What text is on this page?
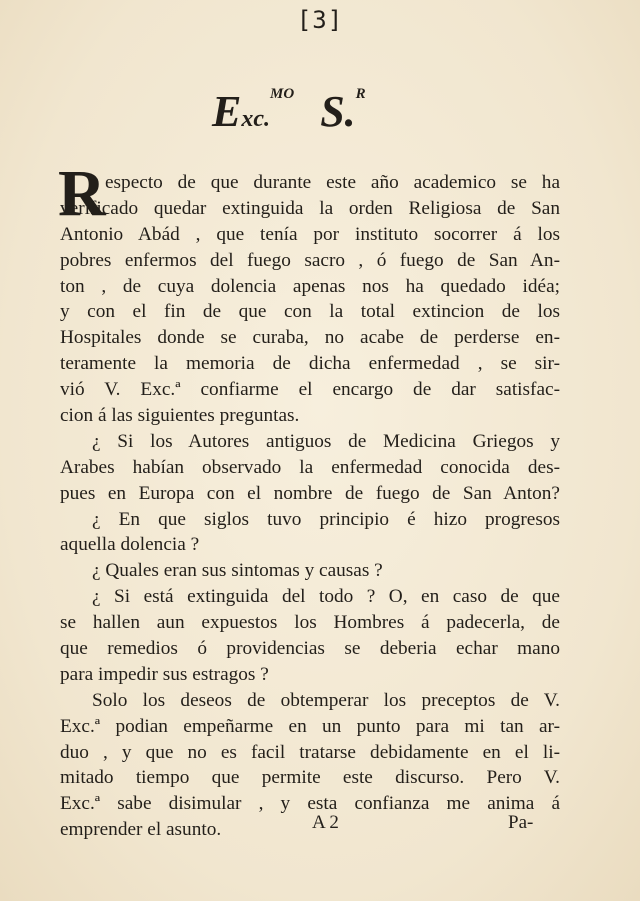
[3]
Exc.$^{MO}$ S.$^R$
R especto de que durante este año academico se ha
verificado quedar extinguida la orden Religiosa de San
Antonio Abád , que tenía por instituto socorrer á los
pobres enfermos del fuego sacro , ó fuego de San An-
ton , de cuya dolencia apenas nos ha quedado idéa;
y con el fin de que con la total extincion de los
Hospitales donde se curaba, no acabe de perderse en-
teramente la memoria de dicha enfermedad , se sir-
vió V. Exc.ª confiarme el encargo de dar satisfac-
cion á las siguientes preguntas.
¿ Si los Autores antiguos de Medicina Griegos y
Arabes habían observado la enfermedad conocida des-
pues en Europa con el nombre de fuego de San Anton?
¿ En que siglos tuvo principio é hizo progresos
aquella dolencia ?
¿ Quales eran sus sintomas y causas ?
¿ Si está extinguida del todo ? O, en caso de que
se hallen aun expuestos los Hombres á padecerla, de
que remedios ó providencias se deberia echar mano
para impedir sus estragos ?
Solo los deseos de obtemperar los preceptos de V.
Exc.ª podian empeñarme en un punto para mi tan ar-
duo , y que no es facil tratarse debidamente en el li-
mitado tiempo que permite este discurso. Pero V.
Exc.ª sabe disimular , y esta confianza me anima á
emprender el asunto.	A 2	Pa-
